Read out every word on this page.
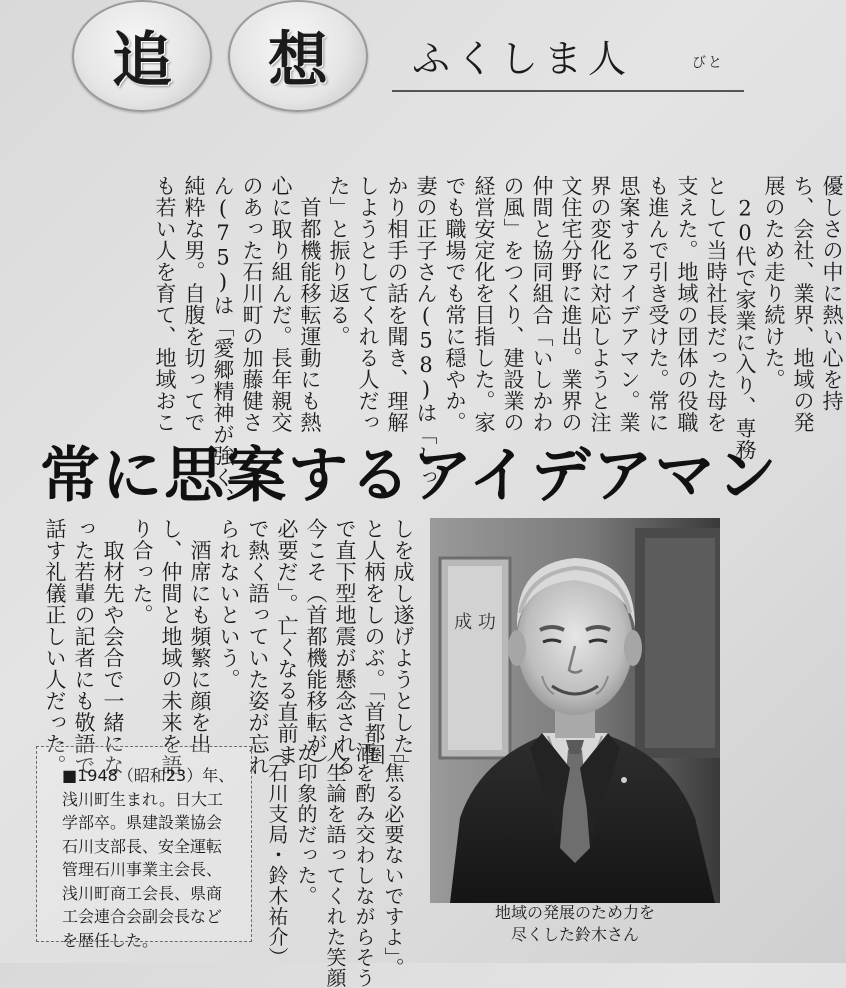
追 想 ふくしま人	びと
優しさの中に熱い心を持
ち、会社、業界、地域の発
展のため走り続けた。
　20代で家業に入り、専務
として当時社長だった母を
支えた。地域の団体の役職
も進んで引き受けた。常に
思案するアイデアマン。業
界の変化に対応しようと注
文住宅分野に進出。業界の
仲間と協同組合「いしかわ
の風」をつくり、建設業の
経営安定化を目指した。家
でも職場でも常に穏やか。
妻の正子さん(58)は「しっ
かり相手の話を聞き、理解
しようとしてくれる人だっ
た」と振り返る。
　首都機能移転運動にも熱
心に取り組んだ。長年親交
のあった石川町の加藤健さ
ん(75)は「愛郷精神が強く、
純粋な男。自腹を切ってで
も若い人を育て、地域おこ
常に思案するアイデアマン
しを成し遂げようとした」
と人柄をしのぶ。「首都圏
で直下型地震が懸念される
今こそ（首都機能移転が）
必要だ」。亡くなる直前ま
で熱く語っていた姿が忘れ
られないという。
　酒席にも頻繁に顔を出
し、仲間と地域の未来を語
り合った。
　取材先や会合で一緒にな
った若輩の記者にも敬語で
話す礼儀正しい人だった。
■1948（昭和23）年、
浅川町生まれ。日大工
学部卒。県建設業協会
石川支部長、安全運転
管理石川事業主会長、
浅川町商工会長、県商
工会連合会副会長など
を歴任した。	「焦る必要ないですよ」。
酒を酌み交わしながらそう
人生論を語ってくれた笑顔
が印象的だった。
（石川支局・鈴木祐介）
成 功
地域の発展のため力を
尽くした鈴木さん
